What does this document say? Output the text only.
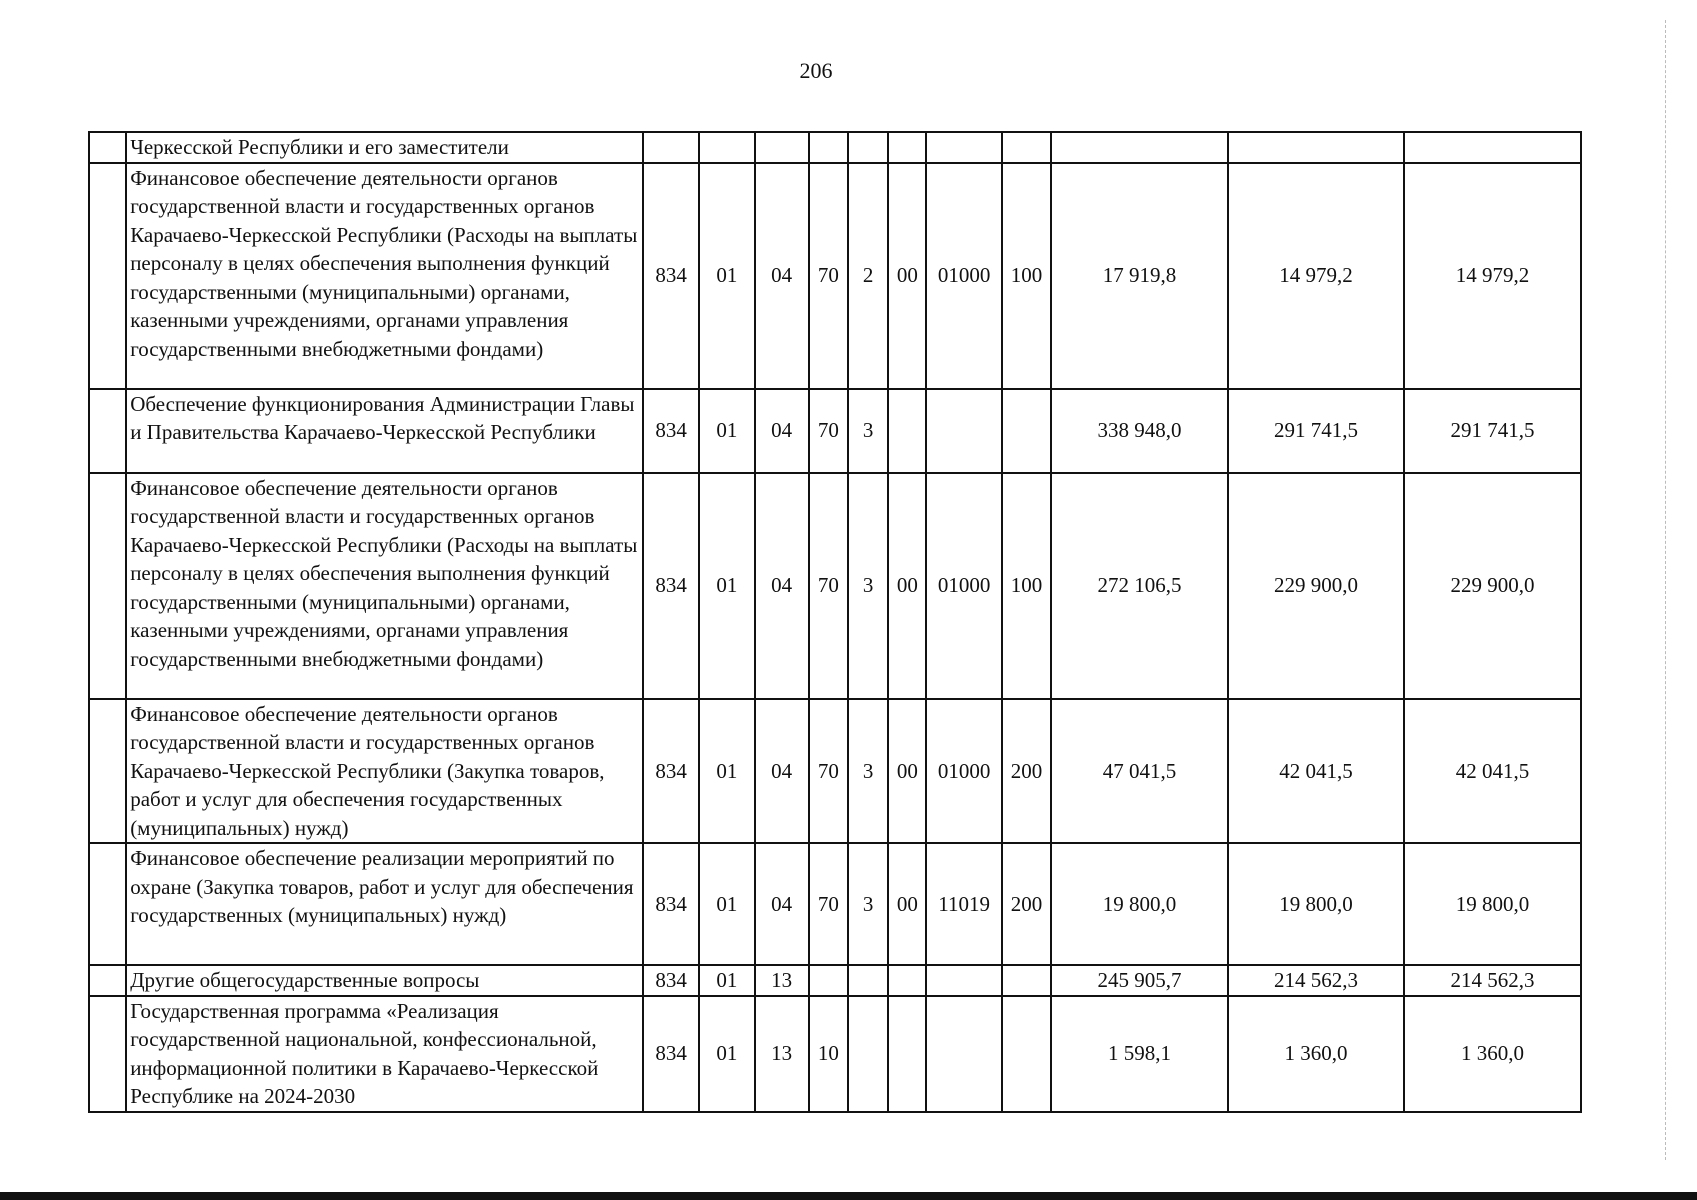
206
	Черкесской Республики и его заместители											
	Финансовое обеспечение деятельности органов государственной власти и государственных органов Карачаево-Черкесской Республики (Расходы на выплаты персоналу в целях обеспечения выполнения функций государственными (муниципальными) органами, казенными учреждениями, органами управления государственными внебюджетными фондами)	834	01	04	70	2	00	01000	100	17 919,8	14 979,2	14 979,2
	Обеспечение функционирования Администрации Главы и Правительства Карачаево-Черкесской Республики	834	01	04	70	3				338 948,0	291 741,5	291 741,5
	Финансовое обеспечение деятельности органов государственной власти и государственных органов Карачаево-Черкесской Республики (Расходы на выплаты персоналу в целях обеспечения выполнения функций государственными (муниципальными) органами, казенными учреждениями, органами управления государственными внебюджетными фондами)	834	01	04	70	3	00	01000	100	272 106,5	229 900,0	229 900,0
	Финансовое обеспечение деятельности органов государственной власти и государственных органов Карачаево-Черкесской Республики (Закупка товаров, работ и услуг для обеспечения государственных (муниципальных) нужд)	834	01	04	70	3	00	01000	200	47 041,5	42 041,5	42 041,5
	Финансовое обеспечение реализации мероприятий по охране (Закупка товаров, работ и услуг для обеспечения государственных (муниципальных) нужд)	834	01	04	70	3	00	11019	200	19 800,0	19 800,0	19 800,0
	Другие общегосударственные вопросы	834	01	13						245 905,7	214 562,3	214 562,3
	Государственная программа «Реализация государственной национальной, конфессиональной, информационной политики в Карачаево-Черкесской Республике на 2024-2030	834	01	13	10					1 598,1	1 360,0	1 360,0
